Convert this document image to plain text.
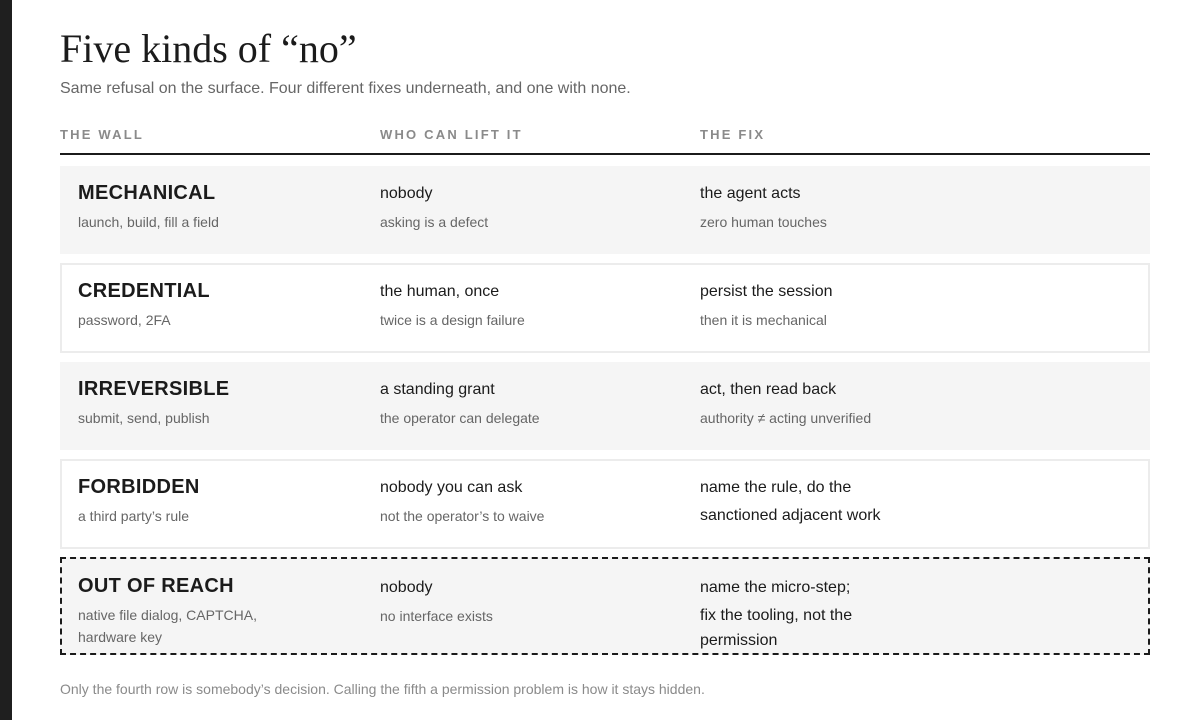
Five kinds of “no”

Same refusal on the surface. Four different fixes underneath, and one with none.

THE WALL	WHO CAN LIFT IT	THE FIX
MECHANICAL
launch, build, fill a field
nobody
asking is a defect
the agent acts
zero human touches
CREDENTIAL
password, 2FA
the human, once
twice is a design failure
persist the session
then it is mechanical
IRREVERSIBLE
submit, send, publish
a standing grant
the operator can delegate
act, then read back
authority ≠ acting unverified
FORBIDDEN
a third party’s rule
nobody you can ask
not the operator’s to waive
name the rule, do the
sanctioned adjacent work
OUT OF REACH
native file dialog, CAPTCHA,
hardware key
nobody
no interface exists
name the micro-step;
fix the tooling, not the
permission

Only the fourth row is somebody’s decision. Calling the fifth a permission problem is how it stays hidden.
